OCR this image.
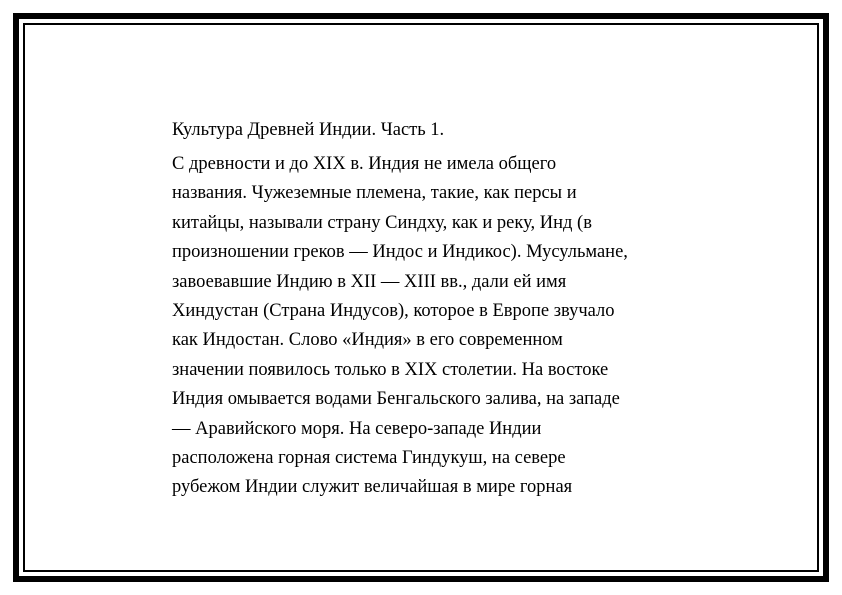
Культура Древней Индии. Часть 1.
С древности и до XIX в. Индия не имела общего
названия. Чужеземные племена, такие, как персы и
китайцы, называли страну Синдху, как и реку, Инд (в
произношении греков — Индос и Индикос). Мусульмане,
завоевавшие Индию в XII — XIII вв., дали ей имя
Хиндустан (Страна Индусов), которое в Европе звучало
как Индостан. Слово «Индия» в его современном
значении появилось только в XIX столетии. На востоке
Индия омывается водами Бенгальского залива, на западе
— Аравийского моря. На северо-западе Индии
расположена горная система Гиндукуш, на севере
рубежом Индии служит величайшая в мире горная
